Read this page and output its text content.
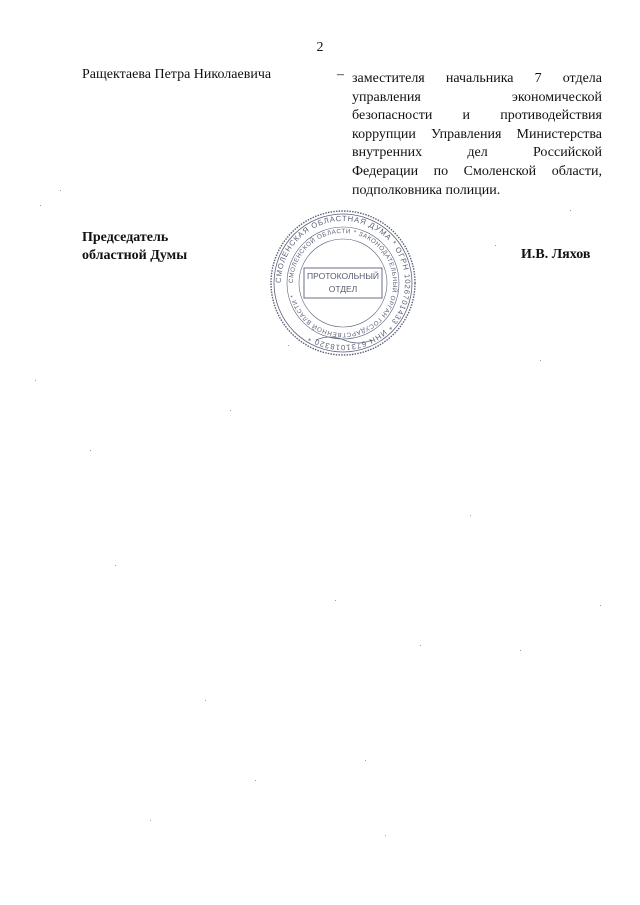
2
Ращектаева Петра Николаевича	– заместителя начальника 7 отдела
управления экономической
безопасности и противодействия
коррупции Управления Министерства
внутренних дел Российской
Федерации по Смоленской области,
подполковника полиции.
Председатель
областной Думы
СМОЛЕНСКАЯ ОБЛАСТНАЯ ДУМА * ОГРН 1026701433 * ИНН 6731018320 *
СМОЛЕНСКОЙ ОБЛАСТИ * ЗАКОНОДАТЕЛЬНЫЙ ОРГАН ГОСУДАРСТВЕННОЙ ВЛАСТИ *
ПРОТОКОЛЬНЫЙ
ОТДЕЛ
И.В. Ляхов
